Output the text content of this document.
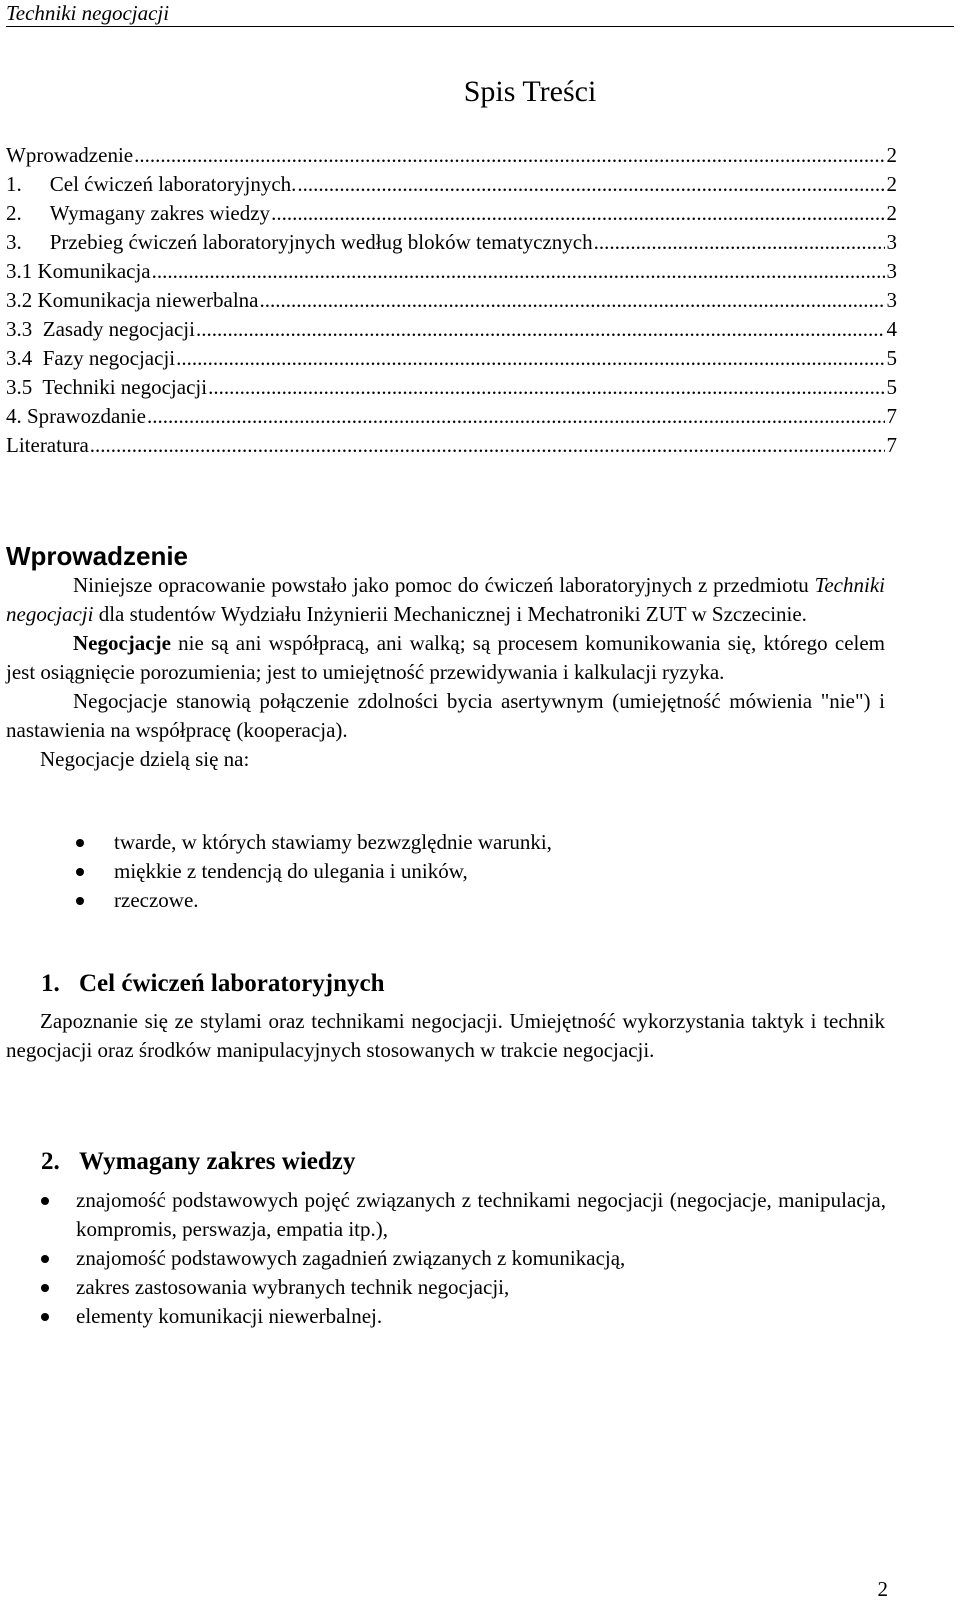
Techniki negocjacji
Spis Treści
Wprowadzenie .....	2
1. Cel ćwiczeń laboratoryjnych. .....	2
2. Wymagany zakres wiedzy .....	2
3. Przebieg ćwiczeń laboratoryjnych według bloków tematycznych .....	3
3.1 Komunikacja .....	3
3.2 Komunikacja niewerbalna .....	3
3.3  Zasady negocjacji .....	4
3.4  Fazy negocjacji .....	5
3.5  Techniki negocjacji .....	5
4. Sprawozdanie .....	7
Literatura .....	7
Wprowadzenie

Niniejsze opracowanie powstało jako pomoc do ćwiczeń laboratoryjnych z przedmiotu Techniki negocjacji dla studentów Wydziału Inżynierii Mechanicznej i Mechatroniki ZUT w Szczecinie.

Negocjacje nie są ani współpracą, ani walką; są procesem komunikowania się, którego celem jest osiągnięcie porozumienia; jest to umiejętność przewidywania i kalkulacji ryzyka.

Negocjacje stanowią połączenie zdolności bycia asertywnym (umiejętność mówienia "nie") i nastawienia na współpracę (kooperacja).

Negocjacje dzielą się na:

twarde, w których stawiamy bezwzględnie warunki,
miękkie z tendencją do ulegania i uników,
rzeczowe.
1. Cel ćwiczeń laboratoryjnych

Zapoznanie się ze stylami oraz technikami negocjacji. Umiejętność wykorzystania taktyk i technik negocjacji oraz środków manipulacyjnych stosowanych w trakcie negocjacji.

2. Wymagany zakres wiedzy
znajomość podstawowych pojęć związanych z technikami negocjacji (negocjacje, manipulacja, kompromis, perswazja, empatia itp.),
znajomość podstawowych zagadnień związanych z komunikacją,
zakres zastosowania wybranych technik negocjacji,
elementy komunikacji niewerbalnej.
2
